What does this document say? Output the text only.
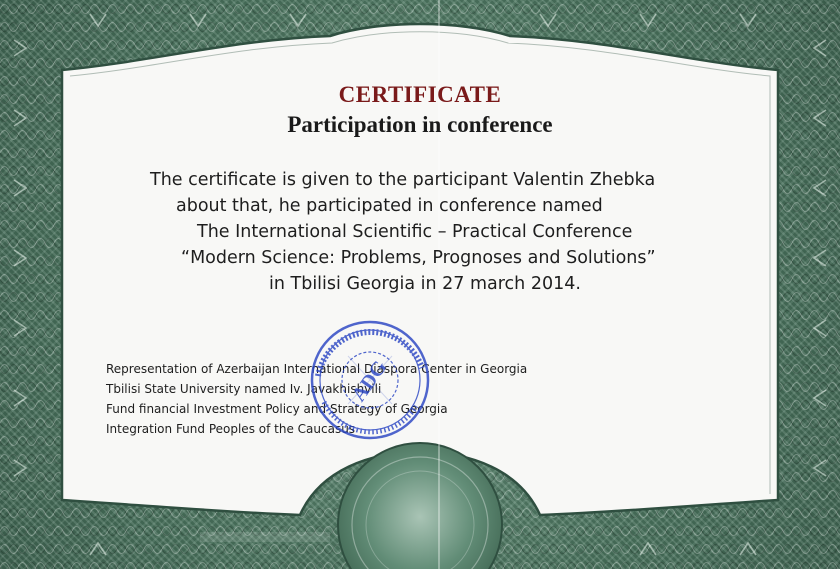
CERTIFICATE
Participation in conference

The certificate is given to the participant Valentin Zhebka

about that, he participated in conference named

The International Scientific – Practical Conference

“Modern Science: Problems, Prognoses and Solutions”

in Tbilisi Georgia in 27 march 2014.

Representation of Azerbaijan International Diaspora Center in Georgia

Tbilisi State University named Iv. Javakhishvili

Fund financial Investment Policy and Strategy of Georgia

Integration Fund Peoples of the Caucasus

ADG
